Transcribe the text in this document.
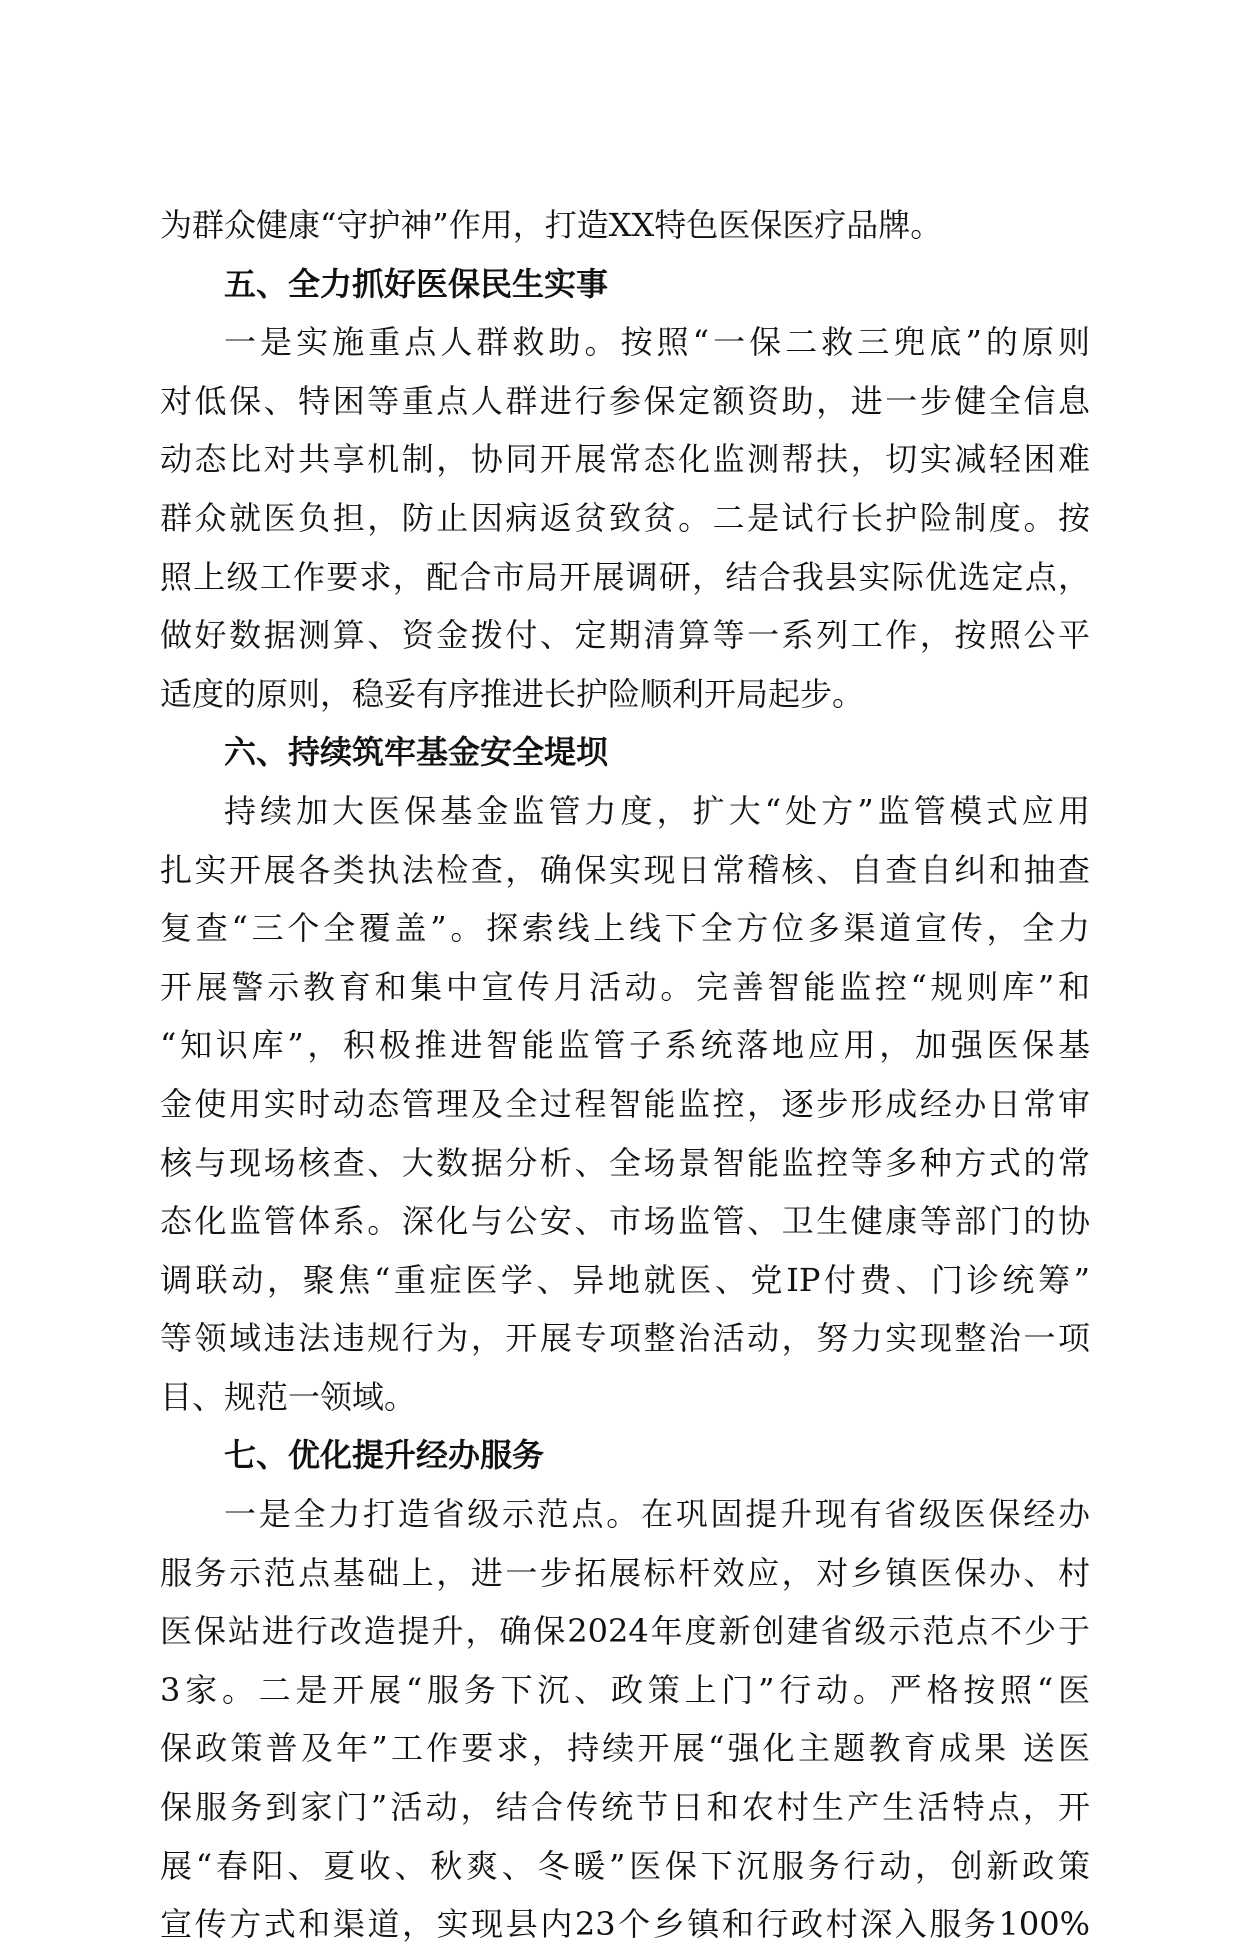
为群众健康“守护神”作用，打造XX特色医保医疗品牌。
五、全力抓好医保民生实事
一是实施重点人群救助。按照“一保二救三兜底”的原则
对低保、特困等重点人群进行参保定额资助，进一步健全信息
动态比对共享机制，协同开展常态化监测帮扶，切实减轻困难
群众就医负担，防止因病返贫致贫。二是试行长护险制度。按
照上级工作要求，配合市局开展调研，结合我县实际优选定点，
做好数据测算、资金拨付、定期清算等一系列工作，按照公平
适度的原则，稳妥有序推进长护险顺利开局起步。
六、持续筑牢基金安全堤坝
持续加大医保基金监管力度，扩大“处方”监管模式应用
扎实开展各类执法检查，确保实现日常稽核、自查自纠和抽查
复查“三个全覆盖”。探索线上线下全方位多渠道宣传，全力
开展警示教育和集中宣传月活动。完善智能监控“规则库”和
“知识库”，积极推进智能监管子系统落地应用，加强医保基
金使用实时动态管理及全过程智能监控，逐步形成经办日常审
核与现场核查、大数据分析、全场景智能监控等多种方式的常
态化监管体系。深化与公安、市场监管、卫生健康等部门的协
调联动，聚焦“重症医学、异地就医、党IP付费、门诊统筹”
等领域违法违规行为，开展专项整治活动，努力实现整治一项
目、规范一领域。
七、优化提升经办服务
一是全力打造省级示范点。在巩固提升现有省级医保经办
服务示范点基础上，进一步拓展标杆效应，对乡镇医保办、村
医保站进行改造提升，确保2024年度新创建省级示范点不少于
3家。二是开展“服务下沉、政策上门”行动。严格按照“医
保政策普及年”工作要求，持续开展“强化主题教育成果 送医
保服务到家门”活动，结合传统节日和农村生产生活特点，开
展“春阳、夏收、秋爽、冬暖”医保下沉服务行动，创新政策
宣传方式和渠道，实现县内23个乡镇和行政村深入服务100%
